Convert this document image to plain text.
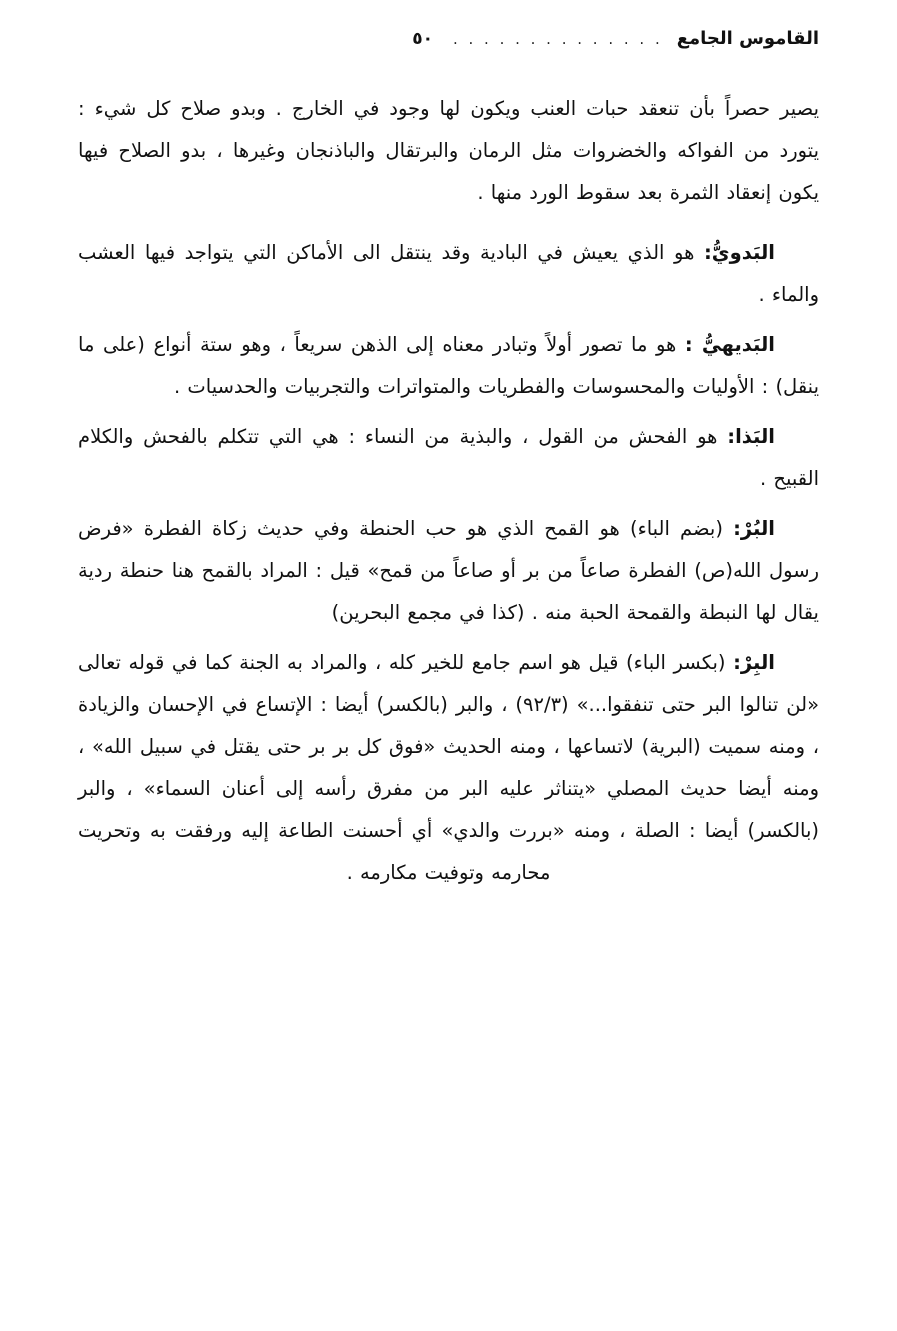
القاموس الجامع
. . . . . . . . . . . . . .
٥٠

يصير حصراً بأن تنعقد حبات العنب ويكون لها وجود في الخارج . وبدو صلاح كل شيء : يتورد من الفواكه والخضروات مثل الرمان والبرتقال والباذنجان وغيرها ، بدو الصلاح فيها يكون إنعقاد الثمرة بعد سقوط الورد منها .

البَدويُّ: هو الذي يعيش في البادية وقد ينتقل الى الأماكن التي يتواجد فيها العشب والماء .

البَديهيُّ : هو ما تصور أولاً وتبادر معناه إلى الذهن سريعاً ، وهو ستة أنواع (على ما ينقل) : الأوليات والمحسوسات والفطريات والمتواترات والتجربيات والحدسيات .

البَذا: هو الفحش من القول ، والبذية من النساء : هي التي تتكلم بالفحش والكلام القبيح .

البُرْ: (بضم الباء) هو القمح الذي هو حب الحنطة وفي حديث زكاة الفطرة «فرض رسول الله(ص) الفطرة صاعاً من بر أو صاعاً من قمح» قيل : المراد بالقمح هنا حنطة ردية يقال لها النبطة والقمحة الحبة منه . (كذا في مجمع البحرين)

البِرْ: (بكسر الباء) قيل هو اسم جامع للخير كله ، والمراد به الجنة كما في قوله تعالى «لن تنالوا البر حتى تنفقوا...» (٩٢/٣) ، والبر (بالكسر) أيضا : الإتساع في الإحسان والزيادة ، ومنه سميت (البرية) لاتساعها ، ومنه الحديث «فوق كل بر بر حتى يقتل في سبيل الله» ، ومنه أيضا حديث المصلي «يتناثر عليه البر من مفرق رأسه إلى أعنان السماء» ، والبر (بالكسر) أيضا : الصلة ، ومنه «بررت والدي» أي أحسنت الطاعة إليه ورفقت به وتحريت محارمه وتوفيت مكارمه .
